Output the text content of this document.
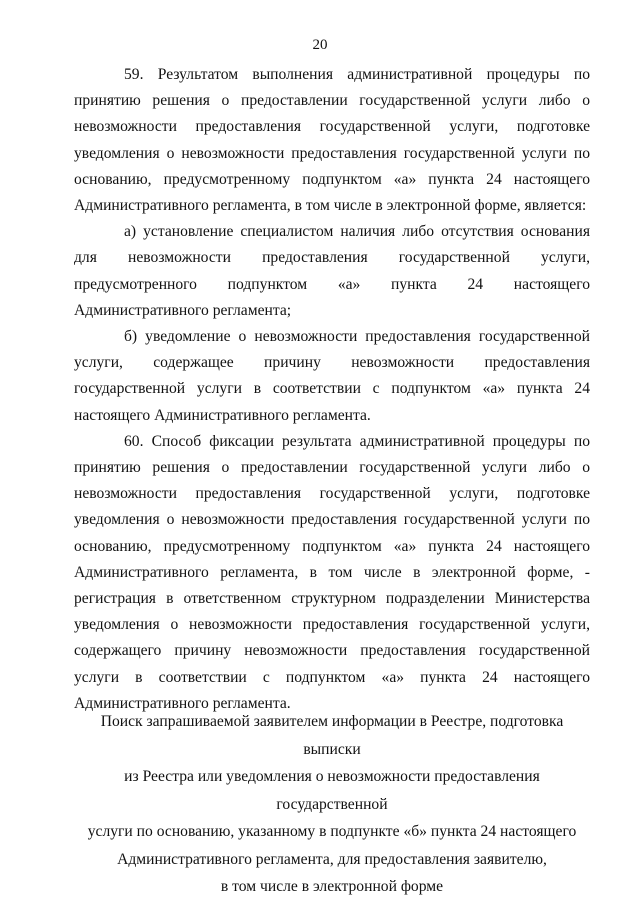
20

59. Результатом выполнения административной процедуры по принятию решения о предоставлении государственной услуги либо о невозможности предоставления государственной услуги, подготовке уведомления о невозможности предоставления государственной услуги по основанию, предусмотренному подпунктом «а» пункта 24 настоящего Административного регламента, в том числе в электронной форме, является:

а) установление специалистом наличия либо отсутствия основания для невозможности предоставления государственной услуги, предусмотренного подпунктом «а» пункта 24 настоящего Административного регламента;

б) уведомление о невозможности предоставления государственной услуги, содержащее причину невозможности предоставления государственной услуги в соответствии с подпунктом «а» пункта 24 настоящего Административного регламента.

60. Способ фиксации результата административной процедуры по принятию решения о предоставлении государственной услуги либо о невозможности предоставления государственной услуги, подготовке уведомления о невозможности предоставления государственной услуги по основанию, предусмотренному подпунктом «а» пункта 24 настоящего Административного регламента, в том числе в электронной форме, - регистрация в ответственном структурном подразделении Министерства уведомления о невозможности предоставления государственной услуги, содержащего причину невозможности предоставления государственной услуги в соответствии с подпунктом «а» пункта 24 настоящего Административного регламента.

Поиск запрашиваемой заявителем информации в Реестре, подготовка выписки
из Реестра или уведомления о невозможности предоставления государственной
услуги по основанию, указанному в подпункте «б» пункта 24 настоящего
Административного регламента, для предоставления заявителю,
в том числе в электронной форме
